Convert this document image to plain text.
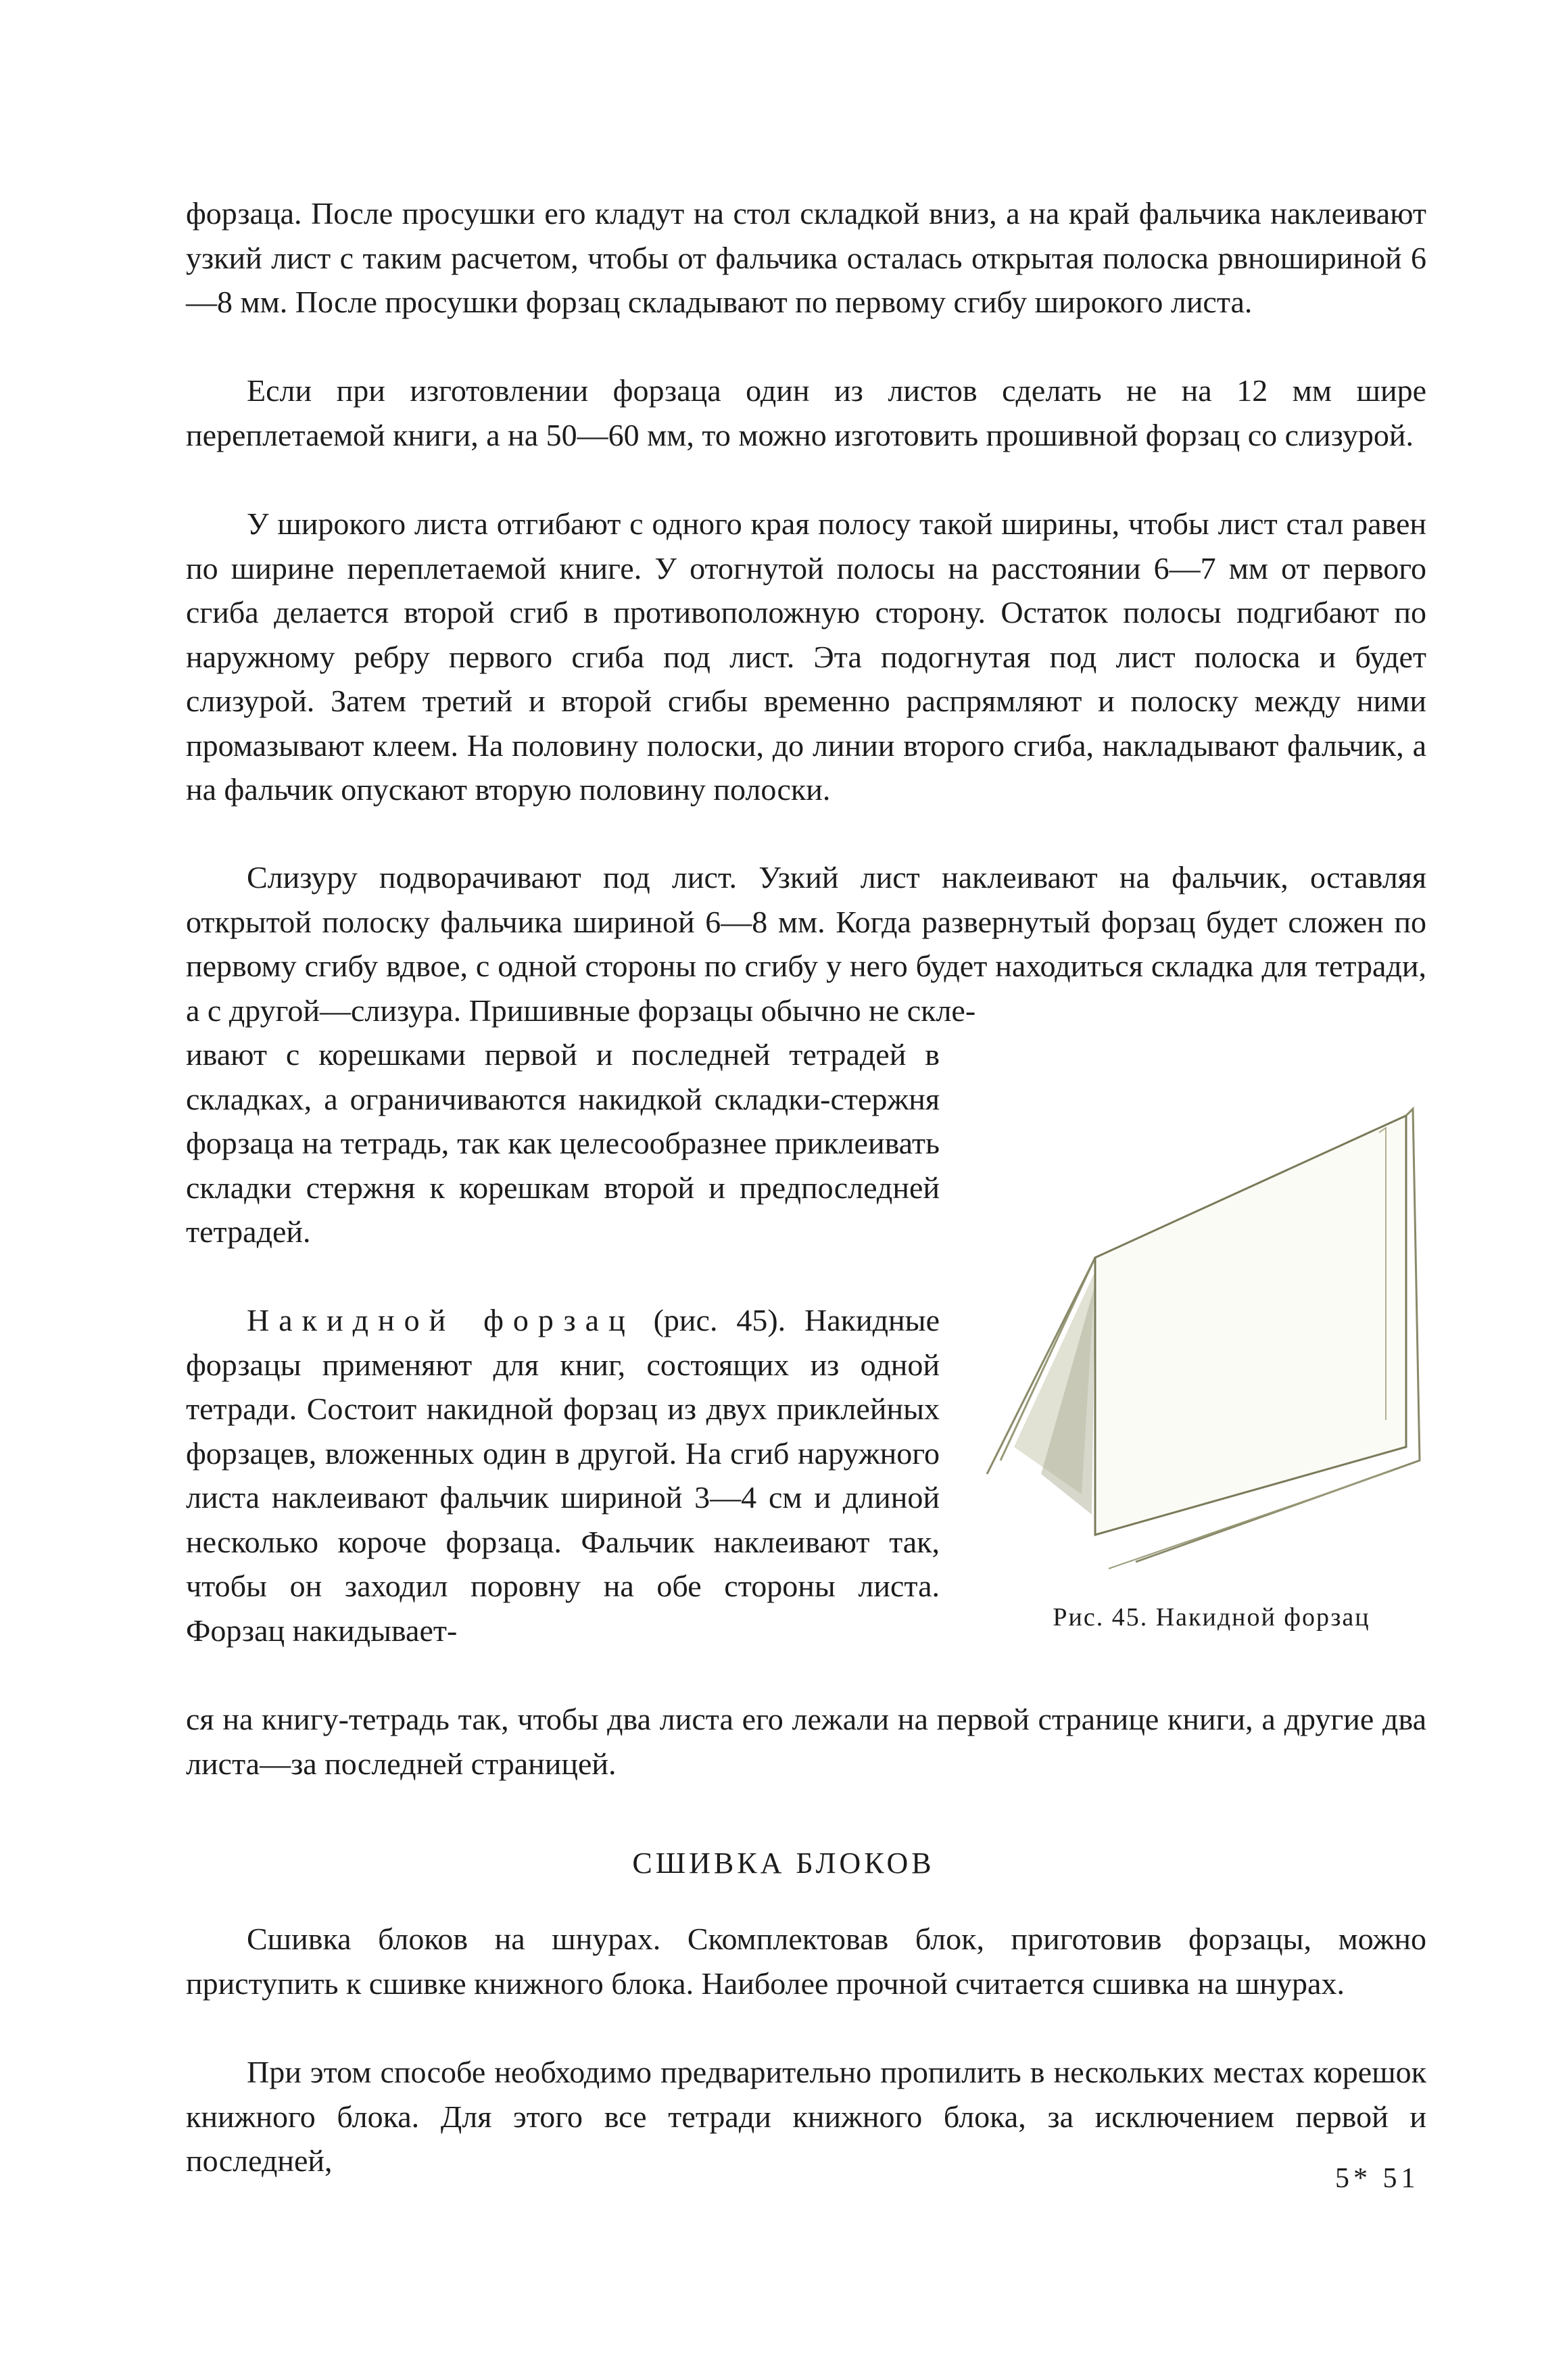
форзаца. После просушки его кладут на стол складкой вниз, а на край фальчика наклеивают узкий лист с таким расчетом, чтобы от фальчика осталась открытая полоска рвношириной 6—8 мм. После просушки форзац складывают по первому сгибу широкого листа.

Если при изготовлении форзаца один из листов сделать не на 12 мм шире переплетаемой книги, а на 50—60 мм, то можно изготовить прошивной форзац со слизурой.

У широкого листа отгибают с одного края полосу такой ширины, чтобы лист стал равен по ширине переплетаемой книге. У отогнутой полосы на расстоянии 6—7 мм от первого сгиба делается второй сгиб в противоположную сторону. Остаток полосы подгибают по наружному ребру первого сгиба под лист. Эта подогнутая под лист полоска и будет слизурой. Затем третий и второй сгибы временно распрямляют и полоску между ними промазывают клеем. На половину полоски, до линии второго сгиба, накладывают фальчик, а на фальчик опускают вторую половину полоски.

Слизуру подворачивают под лист. Узкий лист наклеивают на фальчик, оставляя открытой полоску фальчика шириной 6—8 мм. Когда развернутый форзац будет сложен по первому сгибу вдвое, с одной стороны по сгибу у него будет находиться складка для тетради, а с другой—слизура. Пришивные форзацы обычно не скле-

ивают с корешками первой и последней тетрадей в складках, а ограничиваются накидкой складки-стержня форзаца на тетрадь, так как целесообразнее приклеивать складки стержня к корешкам второй и предпоследней тетрадей.

Накидной форзац (рис. 45). Накидные форзацы применяют для книг, состоящих из одной тетради. Состоит накидной форзац из двух приклейных форзацев, вложенных один в другой. На сгиб наружного листа наклеивают фальчик шириной 3—4 см и длиной несколько короче форзаца. Фальчик наклеивают так, чтобы он заходил поровну на обе стороны листа. Форзац накидывает-

ся на книгу-тетрадь так, чтобы два листа его лежали на первой странице книги, а другие два листа—за последней страницей.

Рис. 45. Накидной форзац
СШИВКА БЛОКОВ

Сшивка блоков на шнурах. Скомплектовав блок, приготовив форзацы, можно приступить к сшивке книжного блока. Наиболее прочной считается сшивка на шнурах.

При этом способе необходимо предварительно пропилить в нескольких местах корешок книжного блока. Для этого все тетради книжного блока, за исключением первой и последней,

5* 51
